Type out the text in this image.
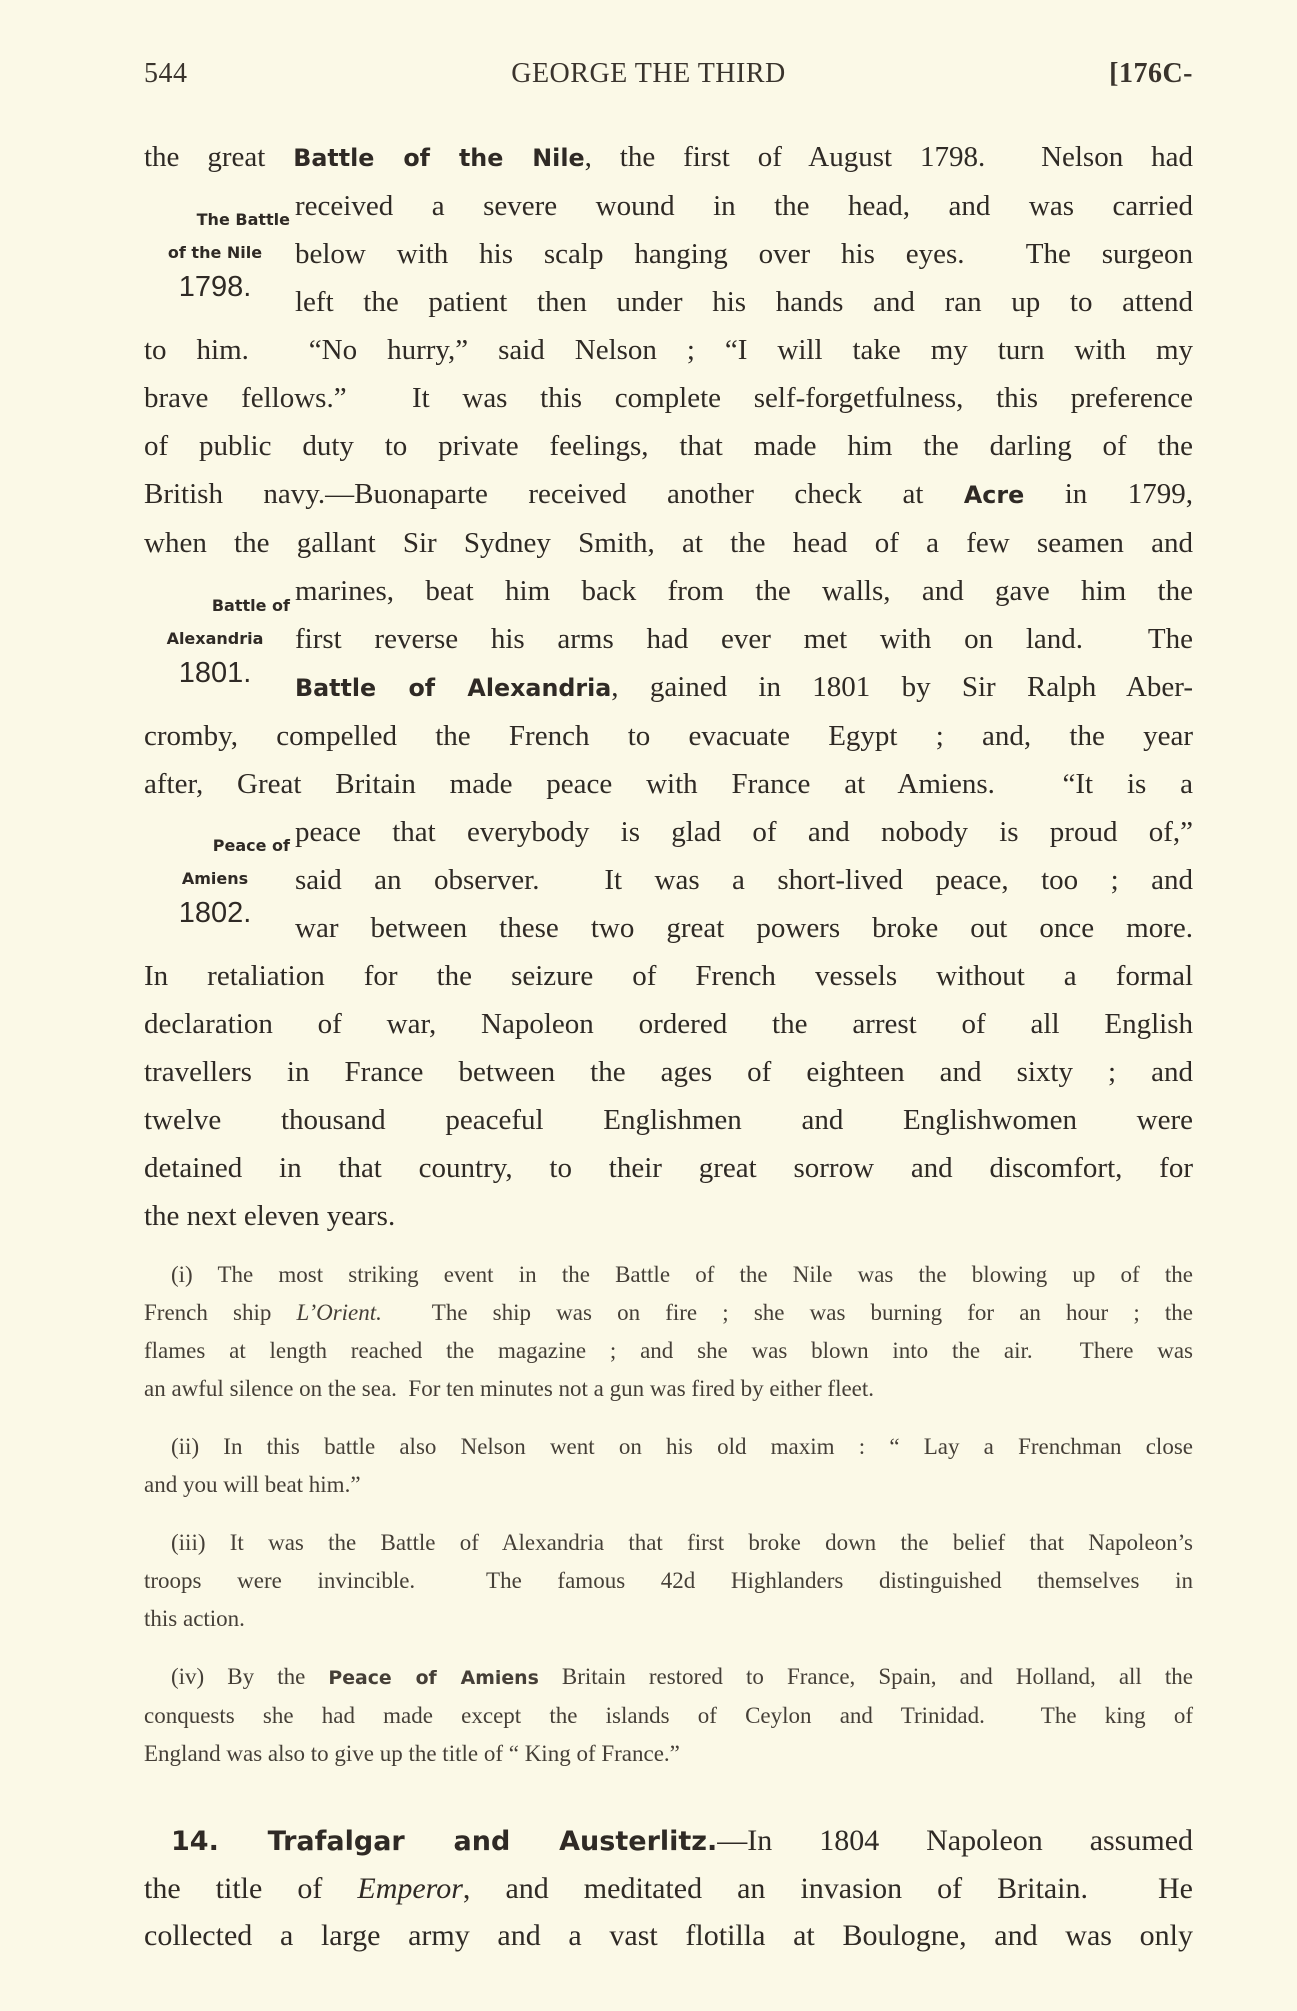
544	GEORGE THE THIRD	[176C-
the great Battle of the Nile, the first of August 1798.  Nelson had
received a severe wound in the head, and was carried
below with his scalp hanging over his eyes.  The surgeon
left the patient then under his hands and ran up to attend
to him.  “No hurry,” said Nelson ; “I will take my turn with my
brave fellows.”  It was this complete self-forgetfulness, this preference
of public duty to private feelings, that made him the darling of the
British navy.—Buonaparte received another check at Acre in 1799,
when the gallant Sir Sydney Smith, at the head of a few seamen and
marines, beat him back from the walls, and gave him the
first reverse his arms had ever met with on land.  The
Battle of Alexandria, gained in 1801 by Sir Ralph Aber-
cromby, compelled the French to evacuate Egypt ; and, the year
after, Great Britain made peace with France at Amiens.  “It is a
peace that everybody is glad of and nobody is proud of,”
said an observer.  It was a short-lived peace, too ; and
war between these two great powers broke out once more.
In retaliation for the seizure of French vessels without a formal
declaration of war, Napoleon ordered the arrest of all English
travellers in France between the ages of eighteen and sixty ; and
twelve thousand peaceful Englishmen and Englishwomen were
detained in that country, to their great sorrow and discomfort, for
the next eleven years.
The Battle
of the Nile
1798.
Battle of
Alexandria
1801.
Peace of
Amiens
1802.
(i) The most striking event in the Battle of the Nile was the blowing up of the
French ship L’Orient.  The ship was on fire ; she was burning for an hour ; the
flames at length reached the magazine ; and she was blown into the air.  There was
an awful silence on the sea.  For ten minutes not a gun was fired by either fleet.
(ii) In this battle also Nelson went on his old maxim : “ Lay a Frenchman close
and you will beat him.”
(iii) It was the Battle of Alexandria that first broke down the belief that Napoleon’s
troops were invincible.  The famous 42d Highlanders distinguished themselves in
this action.
(iv) By the Peace of Amiens Britain restored to France, Spain, and Holland, all the
conquests she had made except the islands of Ceylon and Trinidad.  The king of
England was also to give up the title of “ King of France.”
14. Trafalgar and Austerlitz.—In 1804 Napoleon assumed
the title of Emperor, and meditated an invasion of Britain.  He
collected a large army and a vast flotilla at Boulogne, and was only
